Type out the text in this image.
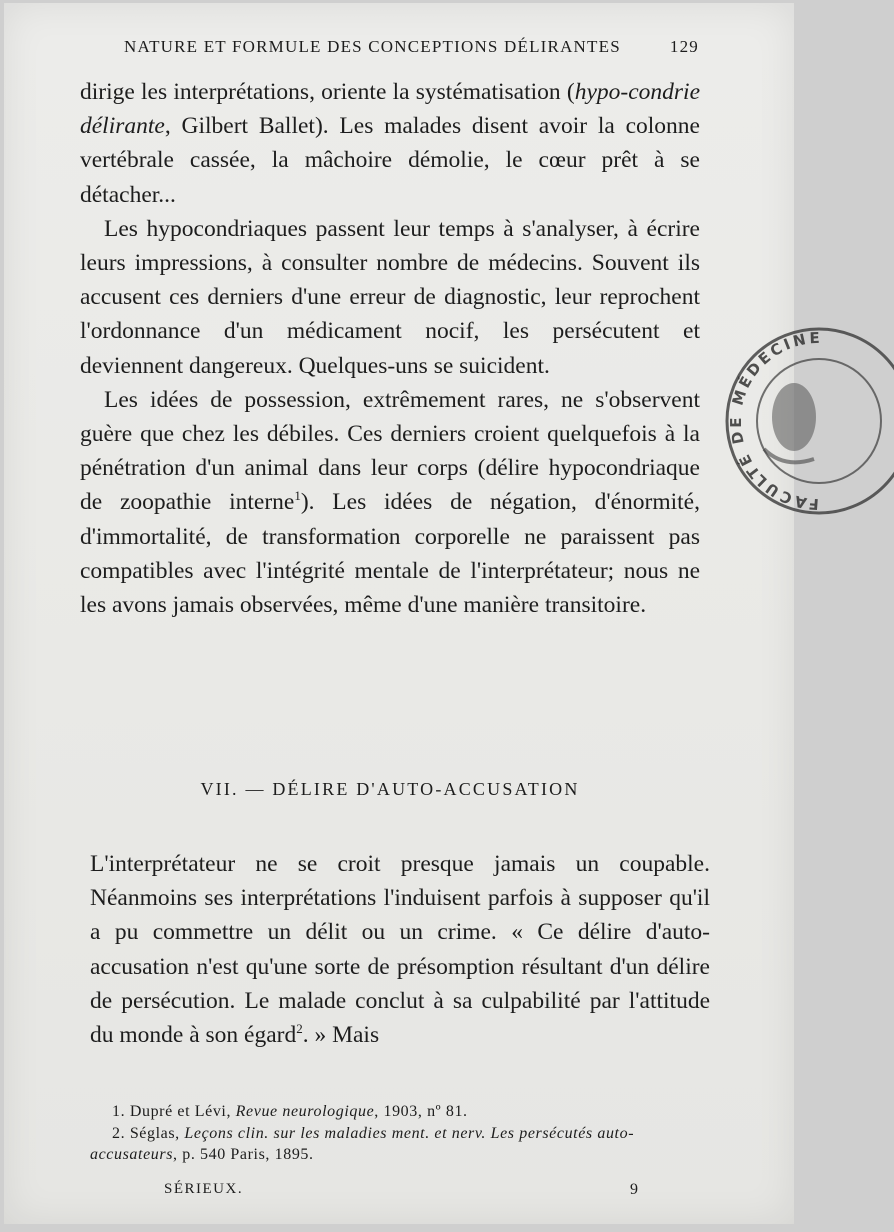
NATURE ET FORMULE DES CONCEPTIONS DÉLIRANTES	129

dirige les interprétations, oriente la systématisation (hypo-condrie délirante, Gilbert Ballet). Les malades disent avoir la colonne vertébrale cassée, la mâchoire démolie, le cœur prêt à se détacher...

Les hypocondriaques passent leur temps à s'analyser, à écrire leurs impressions, à consulter nombre de médecins. Souvent ils accusent ces derniers d'une erreur de diagnostic, leur reprochent l'ordonnance d'un médicament nocif, les persécutent et deviennent dangereux. Quelques-uns se suicident.

Les idées de possession, extrêmement rares, ne s'observent guère que chez les débiles. Ces derniers croient quelquefois à la pénétration d'un animal dans leur corps (délire hypocondriaque de zoopathie interne$^1$). Les idées de négation, d'énormité, d'immortalité, de transformation corporelle ne paraissent pas compatibles avec l'intégrité mentale de l'interprétateur; nous ne les avons jamais observées, même d'une manière transitoire.

VII. — DÉLIRE D'AUTO-ACCUSATION

L'interprétateur ne se croit presque jamais un coupable. Néanmoins ses interprétations l'induisent parfois à supposer qu'il a pu commettre un délit ou un crime. « Ce délire d'auto-accusation n'est qu'une sorte de présomption résultant d'un délire de persécution. Le malade conclut à sa culpabilité par l'attitude du monde à son égard$^2$. » Mais

1. Dupré et Lévi, Revue neurologique, 1903, nº 81.

2. Séglas, Leçons clin. sur les maladies ment. et nerv. Les persécutés auto-accusateurs, p. 540 Paris, 1895.

SÉRIEUX.	9
FACULTÉ DE MÉDECINE
